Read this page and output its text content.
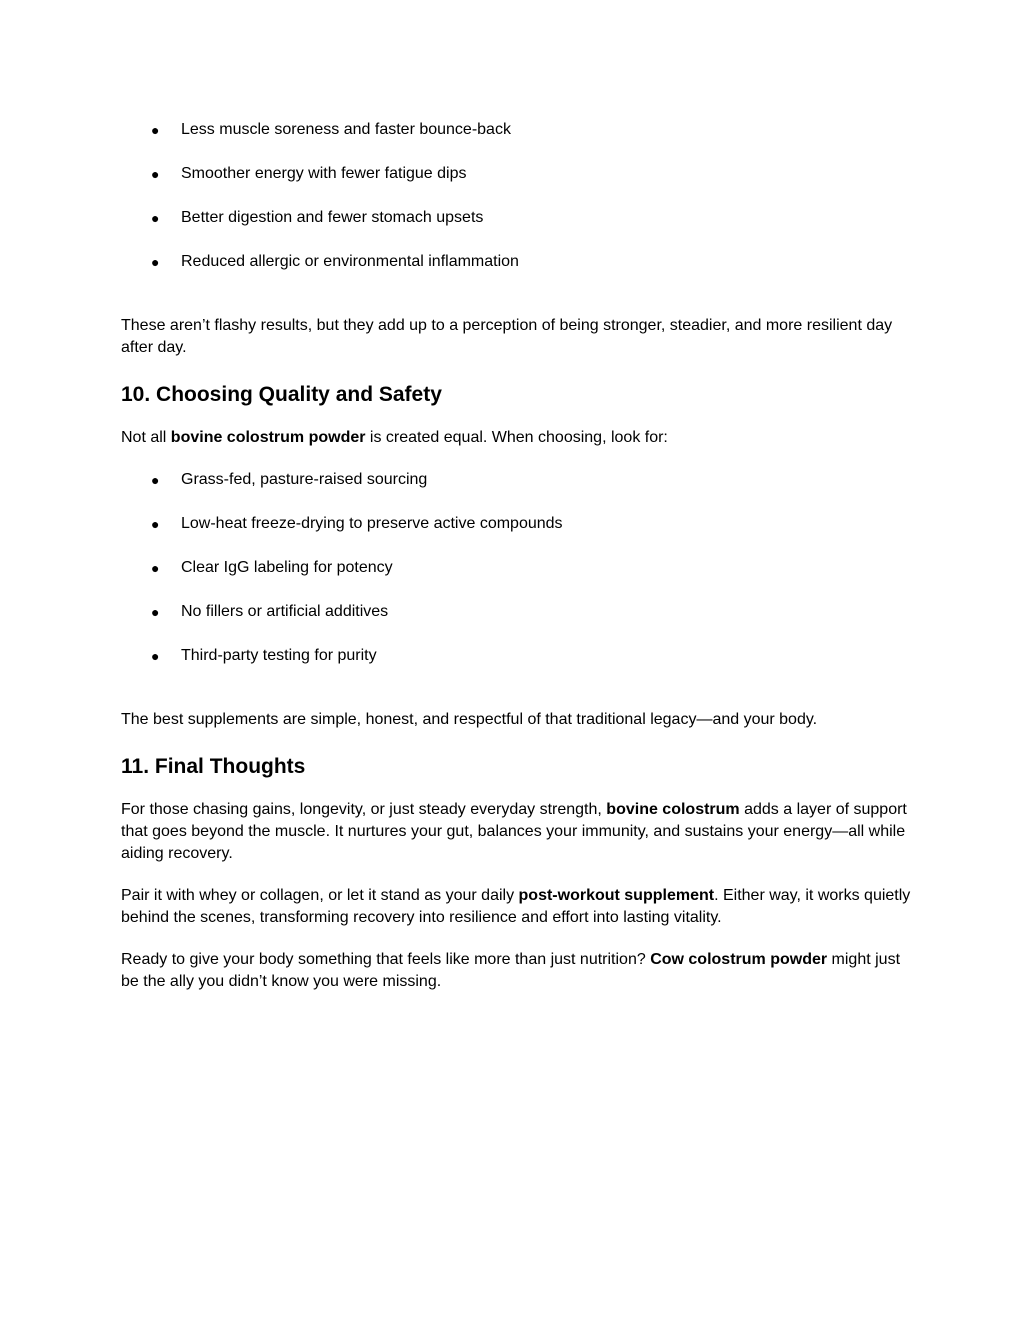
● Less muscle soreness and faster bounce-back
● Smoother energy with fewer fatigue dips
● Better digestion and fewer stomach upsets
● Reduced allergic or environmental inflammation

These aren’t flashy results, but they add up to a perception of being stronger, steadier, and more resilient day after day.

10. Choosing Quality and Safety

Not all bovine colostrum powder is created equal. When choosing, look for:

● Grass-fed, pasture-raised sourcing
● Low-heat freeze-drying to preserve active compounds
● Clear IgG labeling for potency
● No fillers or artificial additives
● Third-party testing for purity

The best supplements are simple, honest, and respectful of that traditional legacy—and your body.

11. Final Thoughts

For those chasing gains, longevity, or just steady everyday strength, bovine colostrum adds a layer of support that goes beyond the muscle. It nurtures your gut, balances your immunity, and sustains your energy—all while aiding recovery.

Pair it with whey or collagen, or let it stand as your daily post-workout supplement. Either way, it works quietly behind the scenes, transforming recovery into resilience and effort into lasting vitality.

Ready to give your body something that feels like more than just nutrition? Cow colostrum powder might just be the ally you didn’t know you were missing.
